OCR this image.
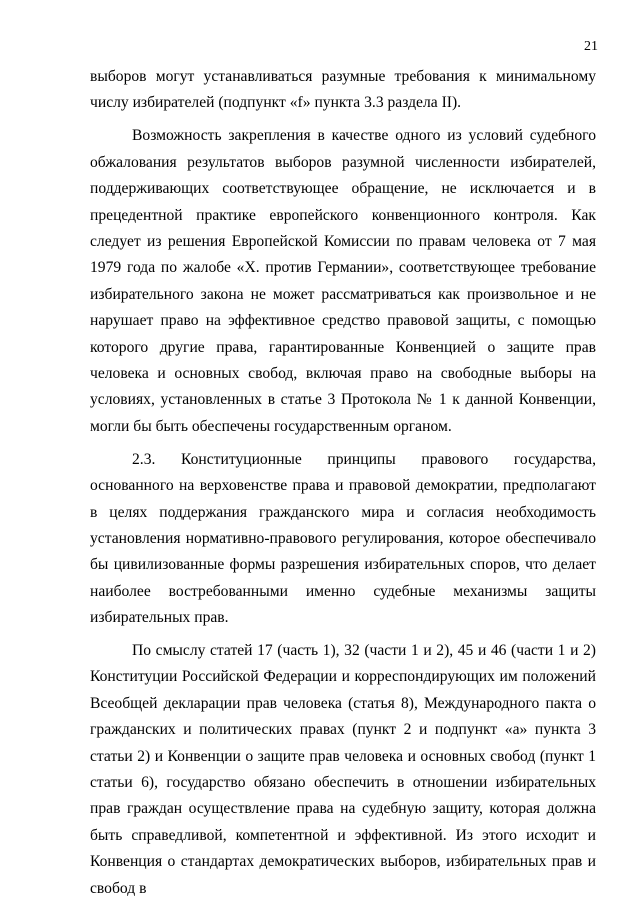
21

выборов могут устанавливаться разумные требования к минимальному числу избирателей (подпункт «f» пункта 3.3 раздела II).

Возможность закрепления в качестве одного из условий судебного обжалования результатов выборов разумной численности избирателей, поддерживающих соответствующее обращение, не исключается и в прецедентной практике европейского конвенционного контроля. Как следует из решения Европейской Комиссии по правам человека от 7 мая 1979 года по жалобе «X. против Германии», соответствующее требование избирательного закона не может рассматриваться как произвольное и не нарушает право на эффективное средство правовой защиты, с помощью которого другие права, гарантированные Конвенцией о защите прав человека и основных свобод, включая право на свободные выборы на условиях, установленных в статье 3 Протокола № 1 к данной Конвенции, могли бы быть обеспечены государственным органом.

2.3. Конституционные принципы правового государства, основанного на верховенстве права и правовой демократии, предполагают в целях поддержания гражданского мира и согласия необходимость установления нормативно-правового регулирования, которое обеспечивало бы цивилизованные формы разрешения избирательных споров, что делает наиболее востребованными именно судебные механизмы защиты избирательных прав.

По смыслу статей 17 (часть 1), 32 (части 1 и 2), 45 и 46 (части 1 и 2) Конституции Российской Федерации и корреспондирующих им положений Всеобщей декларации прав человека (статья 8), Международного пакта о гражданских и политических правах (пункт 2 и подпункт «а» пункта 3 статьи 2) и Конвенции о защите прав человека и основных свобод (пункт 1 статьи 6), государство обязано обеспечить в отношении избирательных прав граждан осуществление права на судебную защиту, которая должна быть справедливой, компетентной и эффективной. Из этого исходит и Конвенция о стандартах демократических выборов, избирательных прав и свобод в
